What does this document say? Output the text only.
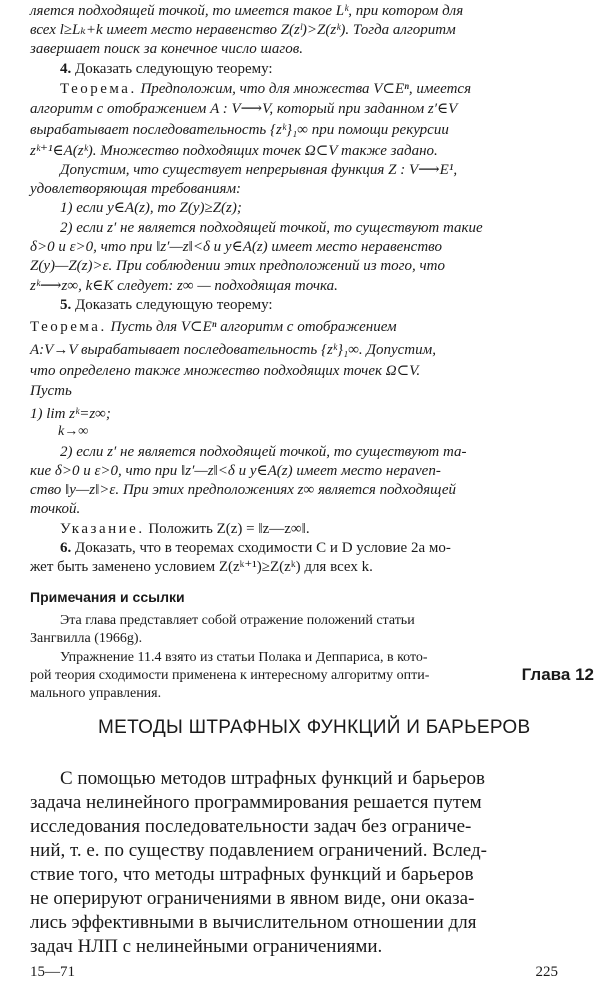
ляется подходящей точкой, то имеется такое Lᵏ, при котором для
всех l≥Lₖ+k имеет место неравенство Z(zˡ)>Z(zᵏ). Тогда алгоритм
завершает поиск за конечное число шагов.
4. Доказать следующую теорему:
Теорема. Предположим, что для множества V⊂Eⁿ, имеется
алгоритм с отображением A : V⟶V, который при заданном z′∈V
вырабатывает последовательность {zᵏ}₁∞ при помощи рекурсии
zᵏ⁺¹∈A(zᵏ). Множество подходящих точек Ω⊂V также задано.
Допустим, что существует непрерывная функция Z : V⟶E¹,
удовлетворяющая требованиям:
1) если y∈A(z), то Z(y)≥Z(z);
2) если z′ не является подходящей точкой, то существуют такие
δ>0 и ε>0, что при ‖z′—z‖<δ и y∈A(z) имеет место неравенство
Z(y)—Z(z)>ε. При соблюдении этих предположений из того, что
zᵏ⟶z∞, k∈K следует: z∞ — подходящая точка.
5. Доказать следующую теорему:
Теорема. Пусть для V⊂Eⁿ алгоритм с отображением
A:V→V вырабатывает последовательность {zᵏ}₁∞. Допустим,
что определено также множество подходящих точек Ω⊂V.
Пусть
1) lim zᵏ=z∞;
k→∞
2) если z′ не является подходящей точкой, то существуют та-
кие δ>0 и ε>0, что при ‖z′—z‖<δ и y∈A(z) имеет место нераven-
ство ‖y—z‖>ε. При этих предположениях z∞ является подходящей
точкой.
Указание. Положить Z(z) = ‖z—z∞‖.
6. Доказать, что в теоремах сходимости C и D условие 2а мо-
жет быть заменено условием Z(zᵏ⁺¹)≥Z(zᵏ) для всех k.
Примечания и ссылки
Эта глава представляет собой отражение положений статьи
Зангвилла (1966g).
Упражнение 11.4 взято из статьи Полака и Деппариса, в кото-
рой теория сходимости применена к интересному алгоритму опти-
мального управления.
Глава 12
МЕТОДЫ ШТРАФНЫХ ФУНКЦИЙ И БАРЬЕРОВ
С помощью методов штрафных функций и барьеров
задача нелинейного программирования решается путем
исследования последовательности задач без ограниче-
ний, т. е. по существу подавлением ограничений. Вслед-
ствие того, что методы штрафных функций и барьеров
не оперируют ограничениями в явном виде, они оказа-
лись эффективными в вычислительном отношении для
задач НЛП с нелинейными ограничениями.
15—71	225
